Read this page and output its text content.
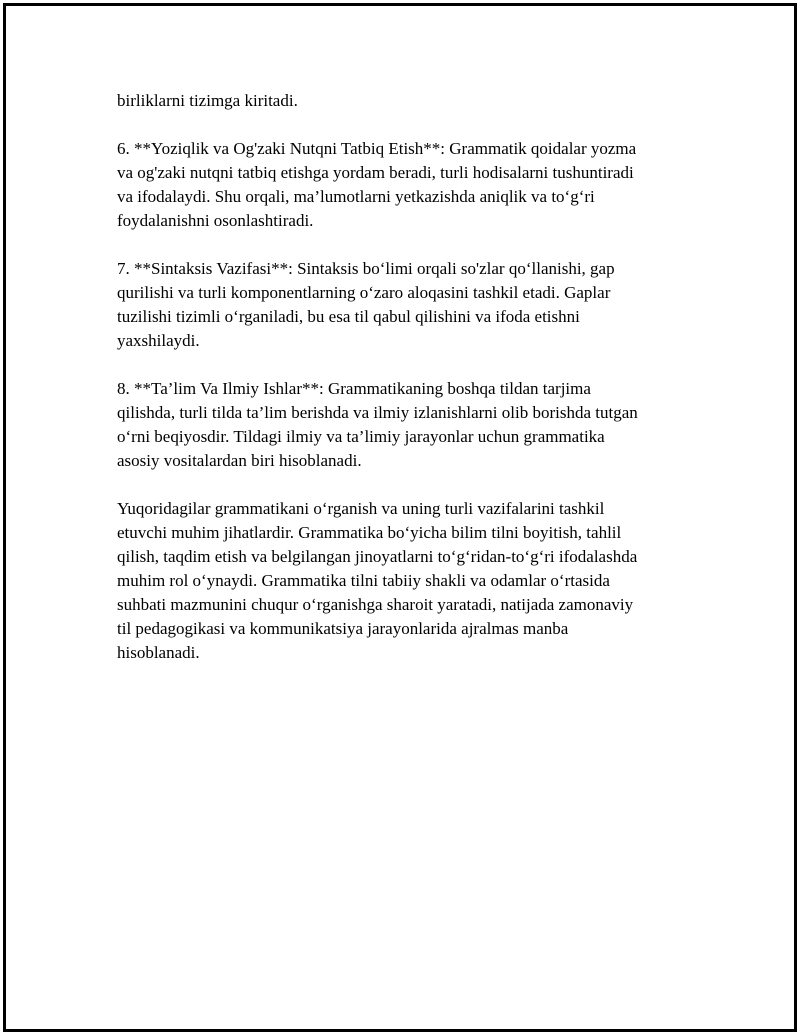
birliklarni tizimga kiritadi.

6. **Yoziqlik va Og'zaki Nutqni Tatbiq Etish**: Grammatik qoidalar yozma
va og'zaki nutqni tatbiq etishga yordam beradi, turli hodisalarni tushuntiradi
va ifodalaydi. Shu orqali, ma’lumotlarni yetkazishda aniqlik va to‘g‘ri
foydalanishni osonlashtiradi.

7. **Sintaksis Vazifasi**: Sintaksis bo‘limi orqali so'zlar qo‘llanishi, gap
qurilishi va turli komponentlarning o‘zaro aloqasini tashkil etadi. Gaplar
tuzilishi tizimli o‘rganiladi, bu esa til qabul qilishini va ifoda etishni
yaxshilaydi.

8. **Ta’lim Va Ilmiy Ishlar**: Grammatikaning boshqa tildan tarjima
qilishda, turli tilda ta’lim berishda va ilmiy izlanishlarni olib borishda tutgan
o‘rni beqiyosdir. Tildagi ilmiy va ta’limiy jarayonlar uchun grammatika
asosiy vositalardan biri hisoblanadi.

Yuqoridagilar grammatikani o‘rganish va uning turli vazifalarini tashkil
etuvchi muhim jihatlardir. Grammatika bo‘yicha bilim tilni boyitish, tahlil
qilish, taqdim etish va belgilangan jinoyatlarni to‘g‘ridan-to‘g‘ri ifodalashda
muhim rol o‘ynaydi. Grammatika tilni tabiiy shakli va odamlar o‘rtasida
suhbati mazmunini chuqur o‘rganishga sharoit yaratadi, natijada zamonaviy
til pedagogikasi va kommunikatsiya jarayonlarida ajralmas manba
hisoblanadi.
